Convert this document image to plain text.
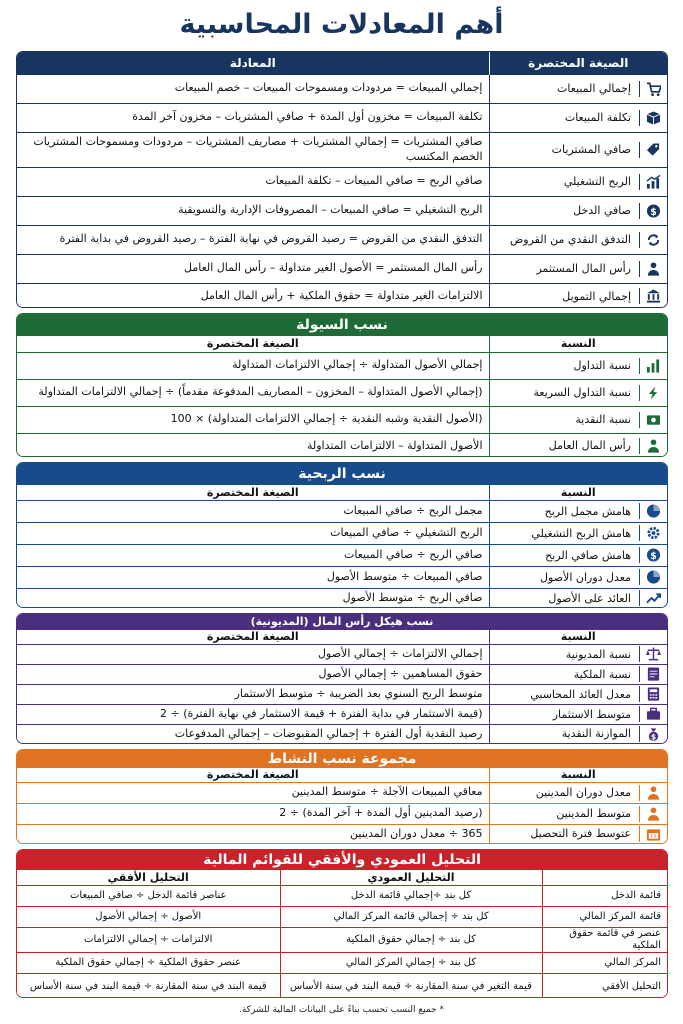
أهم المعادلات المحاسبية
الصيغة المختصرة	المعادلة

إجمالي المبيعات	إجمالي المبيعات = مردودات ومسموحات المبيعات – خصم المبيعات

تكلفة المبيعات	تكلفة المبيعات = مخزون أول المدة + صافي المشتريات – مخزون آخر المدة

صافي المشتريات	صافي المشتريات = إجمالي المشتريات + مصاريف المشتريات – مردودات ومسموحات المشتريات الخصم المكتسب

الربح التشغيلي	صافي الربح = صافي المبيعات – تكلفة المبيعات

$
صافي الدخل	الربح التشغيلي = صافي المبيعات – المصروفات الإدارية والتسويقية

التدفق النقدي من القروض	التدفق النقدي من القروض = رصيد القروض في نهاية الفترة – رصيد القروض في بداية الفترة

رأس المال المستثمر	رأس المال المستثمر = الأصول الغير متداولة – رأس المال العامل

إجمالي التمويل	الالتزامات الغير متداولة = حقوق الملكية + رأس المال العامل
نسب السيولة
النسبة	الصيغة المختصرة

نسبة التداول	إجمالي الأصول المتداولة ÷ إجمالي الالتزامات المتداولة

نسبة التداول السريعة	(إجمالي الأصول المتداولة – المخزون – المصاريف المدفوعة مقدماً) ÷ إجمالي الالتزامات المتداولة

نسبة النقدية	(الأصول النقدية وشبه النقدية ÷ إجمالي الالتزامات المتداولة) × 100

رأس المال العامل	الأصول المتداولة – الالتزامات المتداولة
نسب الربحية
النسبة	الصيغة المختصرة

هامش مجمل الربح	مجمل الربح ÷ صافي المبيعات

هامش الربح التشغيلي	الربح التشغيلي ÷ صافي المبيعات

$
هامش صافي الربح	صافي الربح ÷ صافي المبيعات

معدل دوران الأصول	صافي المبيعات ÷ متوسط الأصول

العائد على الأصول	صافي الربح ÷ متوسط الأصول
نسب هيكل رأس المال (المديونية)
النسبة	الصيغة المختصرة

نسبة المديونية	إجمالي الالتزامات ÷ إجمالي الأصول

نسبة الملكية	حقوق المساهمين ÷ إجمالي الأصول

معدل العائد المحاسبي	متوسط الربح السنوي بعد الضريبة ÷ متوسط الاستثمار

متوسط الاستثمار	(قيمة الاستثمار في بداية الفترة + قيمة الاستثمار في نهاية الفترة) ÷ 2

$
الموازنة النقدية	رصيد النقدية أول الفترة + إجمالي المقبوضات – إجمالي المدفوعات
مجموعة نسب النشاط
النسبة	الصيغة المختصرة

معدل دوران المدينين	معاقي المبيعات الآجلة ÷ متوسط المدينين

متوسط المدينين	(رصيد المدينين أول المدة + آخر المدة) ÷ 2

عتوسط فترة التحصيل	365 ÷ معدل دوران المدينين
التحليل العمودي والأفقي للقوائم المالية
	التحليل العمودي	التحليل الأفقي
قائمة الدخل	كل بند ÷إجمالي قائمة الدخل	عناصر قائمة الدخل ÷ صافي المبيعات
قائمة المركز المالي	كل بند ÷ إجمالي قائمة المركز المالي	الأصول ÷ إجمالي الأصول
عنصر في قائمة حقوق الملكية	كل بند ÷ إجمالي حقوق الملكية	الالتزامات ÷ إجمالي الالتزامات
المركز المالي	كل بند ÷ إجمالي المركز المالي	عنصر حقوق الملكية ÷ إجمالي حقوق الملكية
التحليل الأفقي	قيمة التغير في سنة المقارنة ÷ قيمة البند في سنة الأساس	قيمة البند في سنة المقارنة ÷ قيمة البند في سنة الأساس
* جميع النسب تحسب بناءً على البيانات المالية للشركة.
